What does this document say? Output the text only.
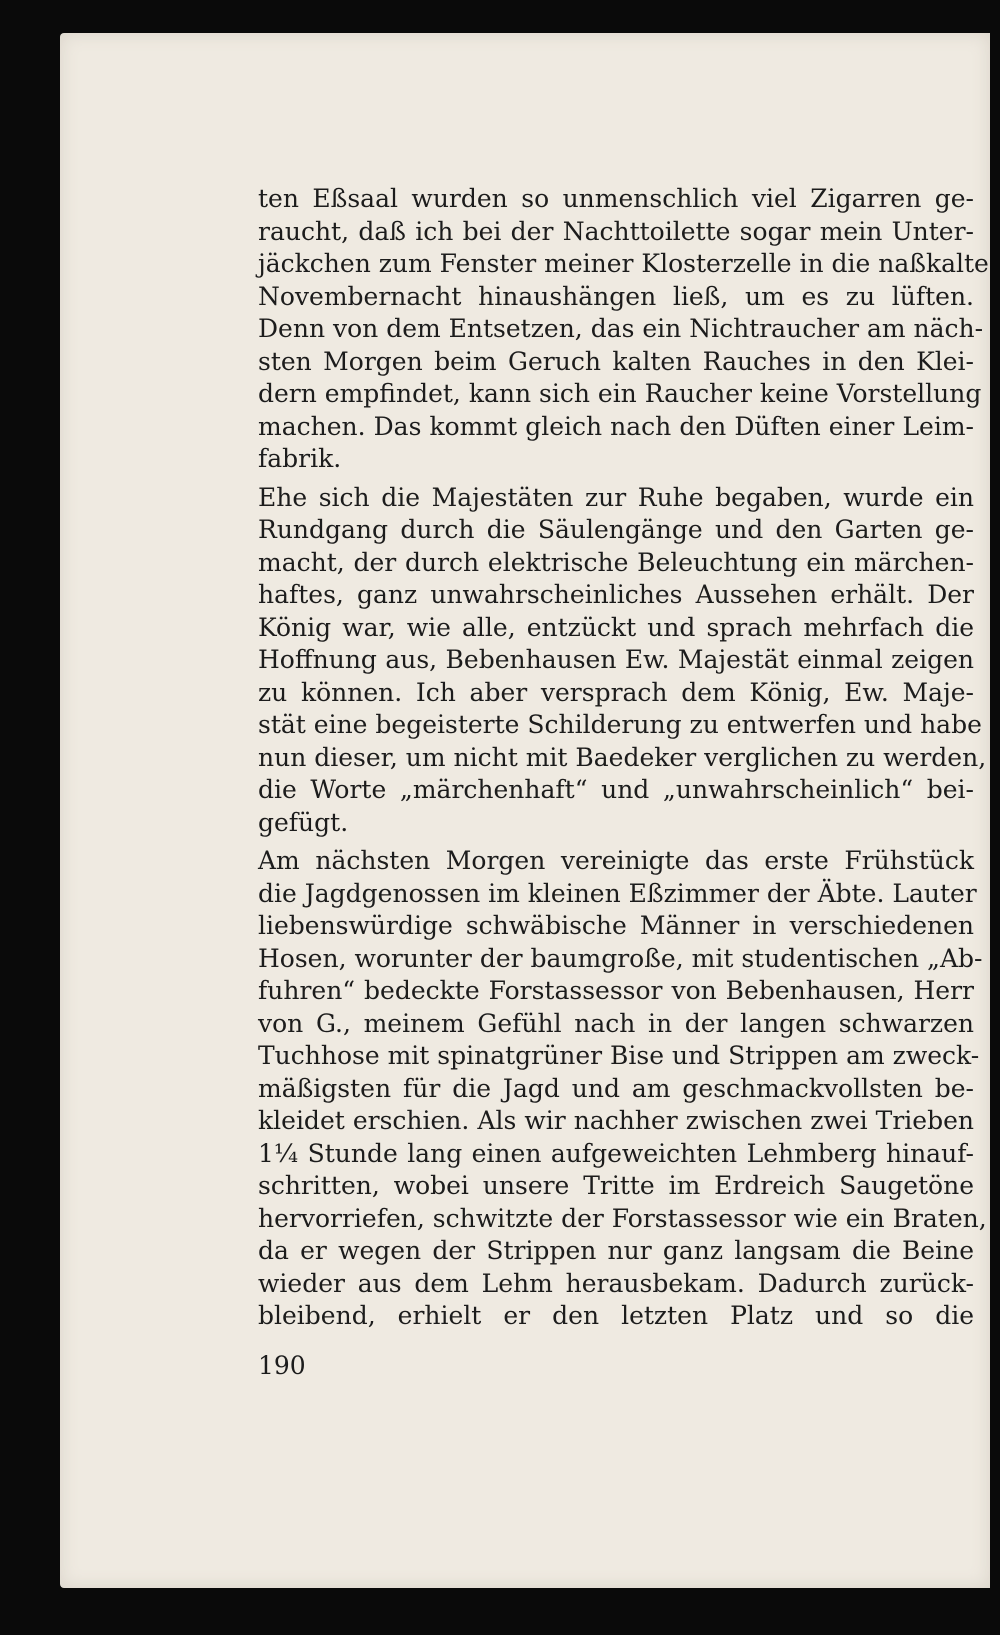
ten Eßsaal wurden so unmenschlich viel Zigarren ge-
raucht, daß ich bei der Nachttoilette sogar mein Unter-
jäckchen zum Fenster meiner Klosterzelle in die naßkalte
Novembernacht hinaushängen ließ, um es zu lüften.
Denn von dem Entsetzen, das ein Nichtraucher am näch-
sten Morgen beim Geruch kalten Rauches in den Klei-
dern empfindet, kann sich ein Raucher keine Vorstellung
machen. Das kommt gleich nach den Düften einer Leim-
fabrik.
Ehe sich die Majestäten zur Ruhe begaben, wurde ein
Rundgang durch die Säulengänge und den Garten ge-
macht, der durch elektrische Beleuchtung ein märchen-
haftes, ganz unwahrscheinliches Aussehen erhält. Der
König war, wie alle, entzückt und sprach mehrfach die
Hoffnung aus, Bebenhausen Ew. Majestät einmal zeigen
zu können. Ich aber versprach dem König, Ew. Maje-
stät eine begeisterte Schilderung zu entwerfen und habe
nun dieser, um nicht mit Baedeker verglichen zu werden,
die Worte „märchenhaft“ und „unwahrscheinlich“ bei-
gefügt.
Am nächsten Morgen vereinigte das erste Frühstück
die Jagdgenossen im kleinen Eßzimmer der Äbte. Lauter
liebenswürdige schwäbische Männer in verschiedenen
Hosen, worunter der baumgroße, mit studentischen „Ab-
fuhren“ bedeckte Forstassessor von Bebenhausen, Herr
von G., meinem Gefühl nach in der langen schwarzen
Tuchhose mit spinatgrüner Bise und Strippen am zweck-
mäßigsten für die Jagd und am geschmackvollsten be-
kleidet erschien. Als wir nachher zwischen zwei Trieben
1¼ Stunde lang einen aufgeweichten Lehmberg hinauf-
schritten, wobei unsere Tritte im Erdreich Saugetöne
hervorriefen, schwitzte der Forstassessor wie ein Braten,
da er wegen der Strippen nur ganz langsam die Beine
wieder aus dem Lehm herausbekam. Dadurch zurück-
bleibend, erhielt er den letzten Platz und so die
190
